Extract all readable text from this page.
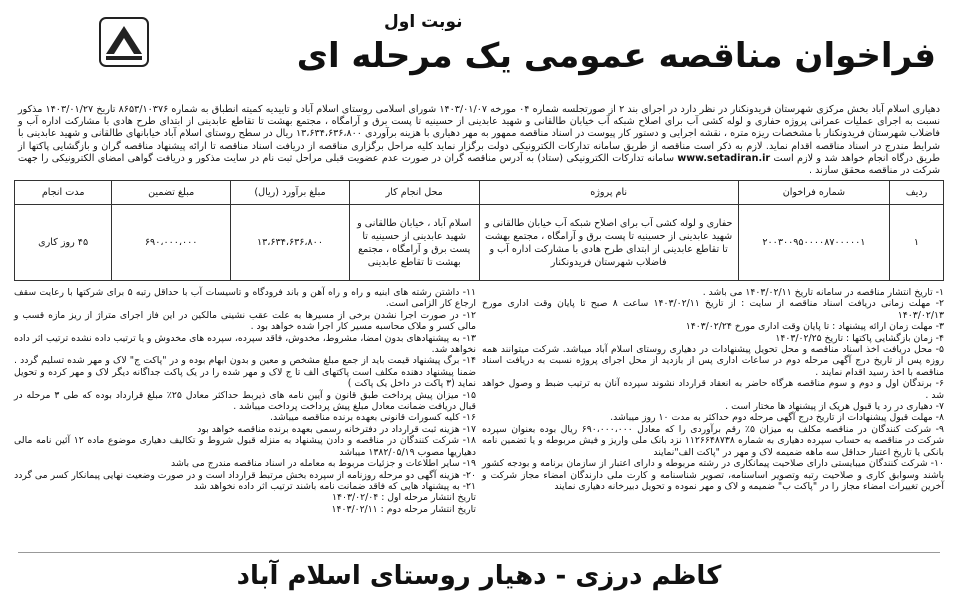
نوبت اول
فراخوان مناقصه عمومی یک مرحله ای
دهیاری اسلام آباد بخش مرکزی شهرستان فریدونکنار در نظر دارد در اجرای بند ۲ از صورتجلسه شماره ۰۴ مورخه ۱۴۰۳/۰۱/۰۷ شورای اسلامی روستای اسلام آباد و تاییدیه کمیته انطباق به شماره ۸۶۵۳/۱۰۳۷۶ تاریخ ۱۴۰۳/۰۱/۲۷ مذکور نسبت به اجرای عملیات عمرانی پروژه حفاری و لوله کشی آب برای اصلاح شبکه آب خیابان طالقانی و شهید عابدینی از حسینیه تا پست برق و آرامگاه ، مجتمع بهشت تا تقاطع عابدینی از ابتدای طرح هادی با مشارکت اداره آب و فاضلاب شهرستان فریدونکنار با مشخصات ریزه متره ، نقشه اجرایی و دستور کار پیوست در اسناد مناقصه ممهور به مهر دهیاری با هزینه برآوردی ۱۳،۶۳۴،۶۳۶،۸۰۰ ریال در سطح روستای اسلام آباد خیابانهای طالقانی و شهید عابدینی با شرایط مندرج در اسناد مناقصه اقدام نماید. لازم به ذکر است مناقصه از طریق سامانه تدارکات الکترونیکی دولت برگزار نماید کلیه مراحل برگزاری مناقصه از دریافت اسناد مناقصه تا ارائه پیشنهاد مناقصه گران و بازگشایی پاکتها از طریق درگاه انجام خواهد شد و لازم است www.setadiran.ir سامانه تدارکات الکترونیکی (ستاد) به آدرس مناقصه گران در صورت عدم عضویت قبلی مراحل ثبت نام در سایت مذکور و دریافت گواهی امضای الکترونیکی را جهت شرکت در مناقصه محقق سازند .
ردیف	شماره فراخوان	نام پروژه	محل انجام کار	مبلغ برآورد (ریال)	مبلغ تضمین	مدت انجام
۱	۲۰۰۳۰۰۹۵۰۰۰۰۸۷۰۰۰۰۰۱	حفاری و لوله کشی آب برای اصلاح شبکه آب خیابان طالقانی و شهید عابدینی از حسینیه تا پست برق و آرامگاه ، مجتمع بهشت تا تقاطع عابدینی از ابتدای طرح هادی با مشارکت اداره آب و فاضلاب شهرستان فریدونکنار	اسلام آباد ، خیابان طالقانی و شهید عابدینی از حسینیه تا پست برق و آرامگاه ، مجتمع بهشت تا تقاطع عابدینی	۱۳،۶۳۴،۶۳۶،۸۰۰	۶۹۰،۰۰۰،۰۰۰	۴۵ روز کاری

۱- تاریخ انتشار مناقصه در سامانه تاریخ ۱۴۰۳/۰۲/۱۱ می باشد .

۲- مهلت زمانی دریافت اسناد مناقصه از سایت : از تاریخ ۱۴۰۳/۰۲/۱۱ ساعت ۸ صبح تا پایان وقت اداری مورخ ۱۴۰۳/۰۲/۱۳

۳- مهلت زمان ارائه پیشنهاد : تا پایان وقت اداری مورخ ۱۴۰۳/۰۲/۲۴

۴- زمان بازگشایی پاکتها : تاریخ ۱۴۰۳/۰۲/۲۵

۵- محل دریافت اخذ اسناد مناقصه و محل تحویل پیشنهادات در دهیاری روستای اسلام آباد میباشد. شرکت میتوانند همه روزه پس از تاریخ درج آگهی مرحله دوم در ساعات اداری پس از بازدید از محل اجرای پروژه نسبت به دریافت اسناد مناقصه با اخذ رسید اقدام نمایند .

۶- برندگان اول و دوم و سوم مناقصه هرگاه حاضر به انعقاد قرارداد نشوند سپرده آنان به ترتیب ضبط و وصول خواهد شد .

۷- دهیاری در رد یا قبول هریک از پیشنهاد ها مختار است .

۸- مهلت قبول پیشنهادات از تاریخ درج آگهی مرحله دوم حداکثر به مدت ۱۰ روز میباشد.

۹- شرکت کنندگان در مناقصه مکلف به میزان ۵٪ رقم برآوردی را که معادل ۶۹۰،۰۰۰،۰۰۰ ریال بوده بعنوان سپرده شرکت در مناقصه به حساب سپرده دهیاری به شماره ۱۱۲۶۶۴۸۷۳۸ نزد بانک ملی واریز و فیش مربوطه و یا تضمین نامه بانکی یا تاریخ اعتبار حداقل سه ماهه ضمیمه لاک و مهر در "پاکت الف"نمایند

۱۰- شرکت کنندگان میبایستی دارای صلاحیت پیمانکاری در رشته مربوطه و دارای اعتبار از سازمان برنامه و بودجه کشور باشند وسوابق کاری و صلاحیت رتبه وتصویر اساسنامه، تصویر شناسنامه و کارت ملی دارندگان امضاء مجاز شرکت و آخرین تغییرات امضاء مجاز را در "پاکت ب" ضمیمه و لاک و مهر نموده و تحویل دبیرخانه دهیاری نمایند

۱۱- داشتن رشته های ابنیه و راه و راه آهن و باند فرودگاه و تاسیسات آب با حداقل رتبه ۵ برای شرکتها با رعایت سقف ارجاع کار الزامی است.

۱۲- در صورت اجرا نشدن برخی از مسیرها به علت عقب نشینی مالکین در این فاز اجرای متراژ از ریز مازه قسب و مالی کسر و ملاک محاسبه مسیر کار اجرا شده خواهد بود .

۱۳- به پیشنهادهای بدون امضا، مشروط، مخدوش، فاقد سپرده، سپرده های مخدوش و یا ترتیب داده نشده ترتیب اثر داده نخواهد شد.

۱۴- برگ پیشنهاد قیمت باید از جمع مبلغ مشخص و معین و بدون ابهام بوده و در "پاکت ج" لاک و مهر شده تسلیم گردد . ضمنا پیشنهاد دهنده مکلف است پاکتهای الف تا ج لاک و مهر شده را در یک پاکت جداگانه دیگر لاک و مهر کرده و تحویل نماید (۳ پاکت در داخل یک پاکت )

۱۵- میزان پیش پرداخت طبق قانون و آیین نامه های ذیربط حداکثر معادل ۲۵٪ مبلغ قرارداد بوده که طی ۳ مرحله در قبال دریافت ضمانت معادل مبلغ پیش پرداخت پرداخت میباشد .

۱۶- کلیه کسورات قانونی بعهده برنده مناقصه میباشد.

۱۷- هزینه ثبت قرارداد در دفترخانه رسمی بعهده برنده مناقصه خواهد بود

۱۸- شرکت کنندگان در مناقصه و دادن پیشنهاد به منزله قبول شروط و تکالیف دهیاری موضوع ماده ۱۲ آئین نامه مالی دهیاریها مصوب ۱۳۸۲/۰۵/۱۹ میباشد

۱۹- سایر اطلاعات و جزئیات مربوط به معامله در اسناد مناقصه مندرج می باشد

۲۰- هزینه آگهی دو مرحله روزنامه از سپرده بخش مرتبط قرارداد است و در صورت وضعیت نهایی پیمانکار کسر می گردد

۲۱- به پیشنهاد هایی که فاقد ضمانت نامه باشند ترتیب اثر داده نخواهد شد

تاریخ انتشار مرحله اول : ۱۴۰۳/۰۲/۰۴

تاریخ انتشار مرحله دوم : ۱۴۰۳/۰۲/۱۱

کاظم درزی - دهیار روستای اسلام آباد
